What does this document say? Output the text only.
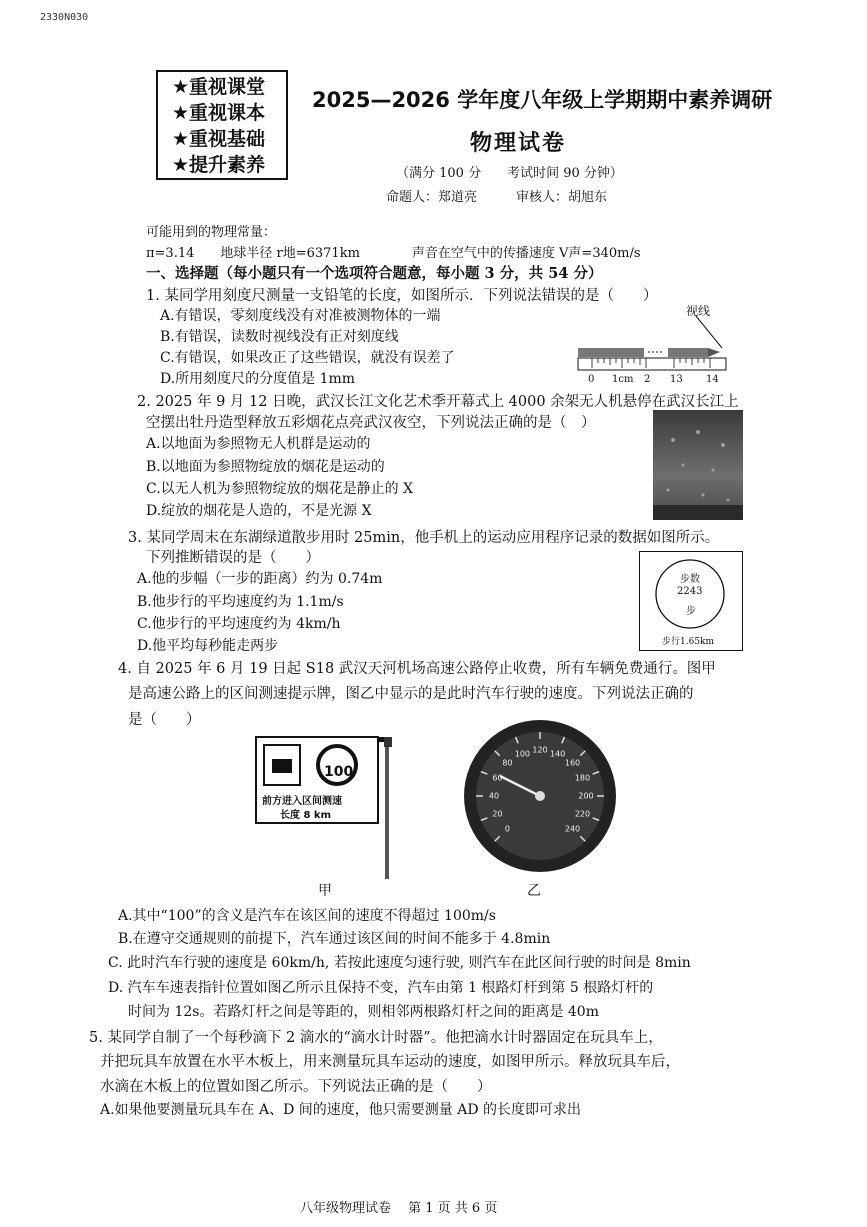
2330N030
★重视课堂
★重视课本
★重视基础
★提升素养
2025—2026 学年度八年级上学期期中素养调研
物理试卷
（满分 100 分　　考试时间 90 分钟）
命题人：郑道亮　　　审核人：胡旭东
可能用到的物理常量：
π=3.14　　地球半径 r地=6371km　　　　声音在空气中的传播速度 V声=340m/s
一、选择题（每小题只有一个选项符合题意，每小题 3 分，共 54 分）
1. 某同学用刻度尺测量一支铅笔的长度，如图所示．下列说法错误的是（　　）
A.有错误，零刻度线没有对准被测物体的一端
B.有错误，读数时视线没有正对刻度线
C.有错误，如果改正了这些错误，就没有误差了
D.所用刻度尺的分度值是 1mm
视线
0 1cm 2 13 14
2. 2025 年 9 月 12 日晚，武汉长江文化艺术季开幕式上 4000 余架无人机悬停在武汉长江上
空摆出牡丹造型释放五彩烟花点亮武汉夜空，下列说法正确的是（　）
A.以地面为参照物无人机群是运动的
B.以地面为参照物绽放的烟花是运动的
C.以无人机为参照物绽放的烟花是静止的 X
D.绽放的烟花是人造的，不是光源 X
3. 某同学周末在东湖绿道散步用时 25min，他手机上的运动应用程序记录的数据如图所示。
下列推断错误的是（　　）
A.他的步幅（一步的距离）约为 0.74m
B.他步行的平均速度约为 1.1m/s
C.他步行的平均速度约为 4km/h
D.他平均每秒能走两步
步数
2243
步
步行1.65km
4. 自 2025 年 6 月 19 日起 S18 武汉天河机场高速公路停止收费，所有车辆免费通行。图甲
是高速公路上的区间测速提示牌，图乙中显示的是此时汽车行驶的速度。下列说法正确的
是（　　）
100
前方进入区间测速
长度 8 km
0
20
40
60
80
100 120 140
160
180
200
220
240
甲	乙
A.其中“100”的含义是汽车在该区间的速度不得超过 100m/s
B.在遵守交通规则的前提下，汽车通过该区间的时间不能多于 4.8min
C. 此时汽车行驶的速度是 60km/h, 若按此速度匀速行驶, 则汽车在此区间行驶的时间是 8min
D. 汽车车速表指针位置如图乙所示且保持不变，汽车由第 1 根路灯杆到第 5 根路灯杆的
时间为 12s。若路灯杆之间是等距的，则相邻两根路灯杆之间的距离是 40m
5. 某同学自制了一个每秒滴下 2 滴水的“滴水计时器”。他把滴水计时器固定在玩具车上，
并把玩具车放置在水平木板上，用来测量玩具车运动的速度，如图甲所示。释放玩具车后，
水滴在木板上的位置如图乙所示。下列说法正确的是（　　）
A.如果他要测量玩具车在 A、D 间的速度，他只需要测量 AD 的长度即可求出
八年级物理试卷　 第 1 页 共 6 页
